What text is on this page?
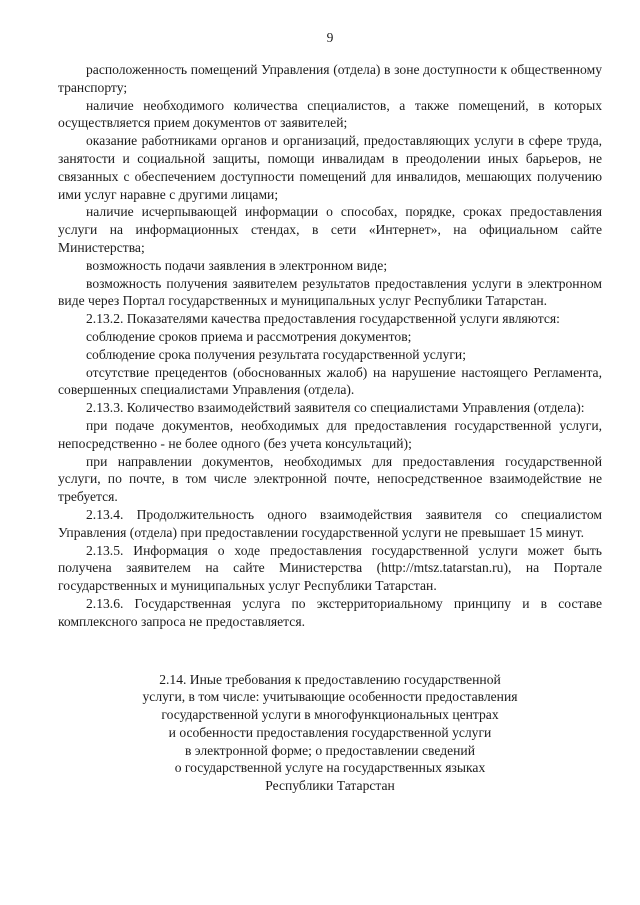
9

расположенность помещений Управления (отдела) в зоне доступности к общественному транспорту;

наличие необходимого количества специалистов, а также помещений, в которых осуществляется прием документов от заявителей;

оказание работниками органов и организаций, предоставляющих услуги в сфере труда, занятости и социальной защиты, помощи инвалидам в преодолении иных барьеров, не связанных с обеспечением доступности помещений для инвалидов, мешающих получению ими услуг наравне с другими лицами;

наличие исчерпывающей информации о способах, порядке, сроках предоставления услуги на информационных стендах, в сети «Интернет», на официальном сайте Министерства;

возможность подачи заявления в электронном виде;

возможность получения заявителем результатов предоставления услуги в электронном виде через Портал государственных и муниципальных услуг Республики Татарстан.

2.13.2. Показателями качества предоставления государственной услуги являются:

соблюдение сроков приема и рассмотрения документов;

соблюдение срока получения результата государственной услуги;

отсутствие прецедентов (обоснованных жалоб) на нарушение настоящего Регламента, совершенных специалистами Управления (отдела).

2.13.3. Количество взаимодействий заявителя со специалистами Управления (отдела):

при подаче документов, необходимых для предоставления государственной услуги, непосредственно - не более одного (без учета консультаций);

при направлении документов, необходимых для предоставления государственной услуги, по почте, в том числе электронной почте, непосредственное взаимодействие не требуется.

2.13.4. Продолжительность одного взаимодействия заявителя со специалистом Управления (отдела) при предоставлении государственной услуги не превышает 15 минут.

2.13.5. Информация о ходе предоставления государственной услуги может быть получена заявителем на сайте Министерства (http://mtsz.tatarstan.ru), на Портале государственных и муниципальных услуг Республики Татарстан.

2.13.6. Государственная услуга по экстерриториальному принципу и в составе комплексного запроса не предоставляется.

2.14. Иные требования к предоставлению государственной
услуги, в том числе: учитывающие особенности предоставления
государственной услуги в многофункциональных центрах
и особенности предоставления государственной услуги
в электронной форме; о предоставлении сведений
о государственной услуге на государственных языках
Республики Татарстан
